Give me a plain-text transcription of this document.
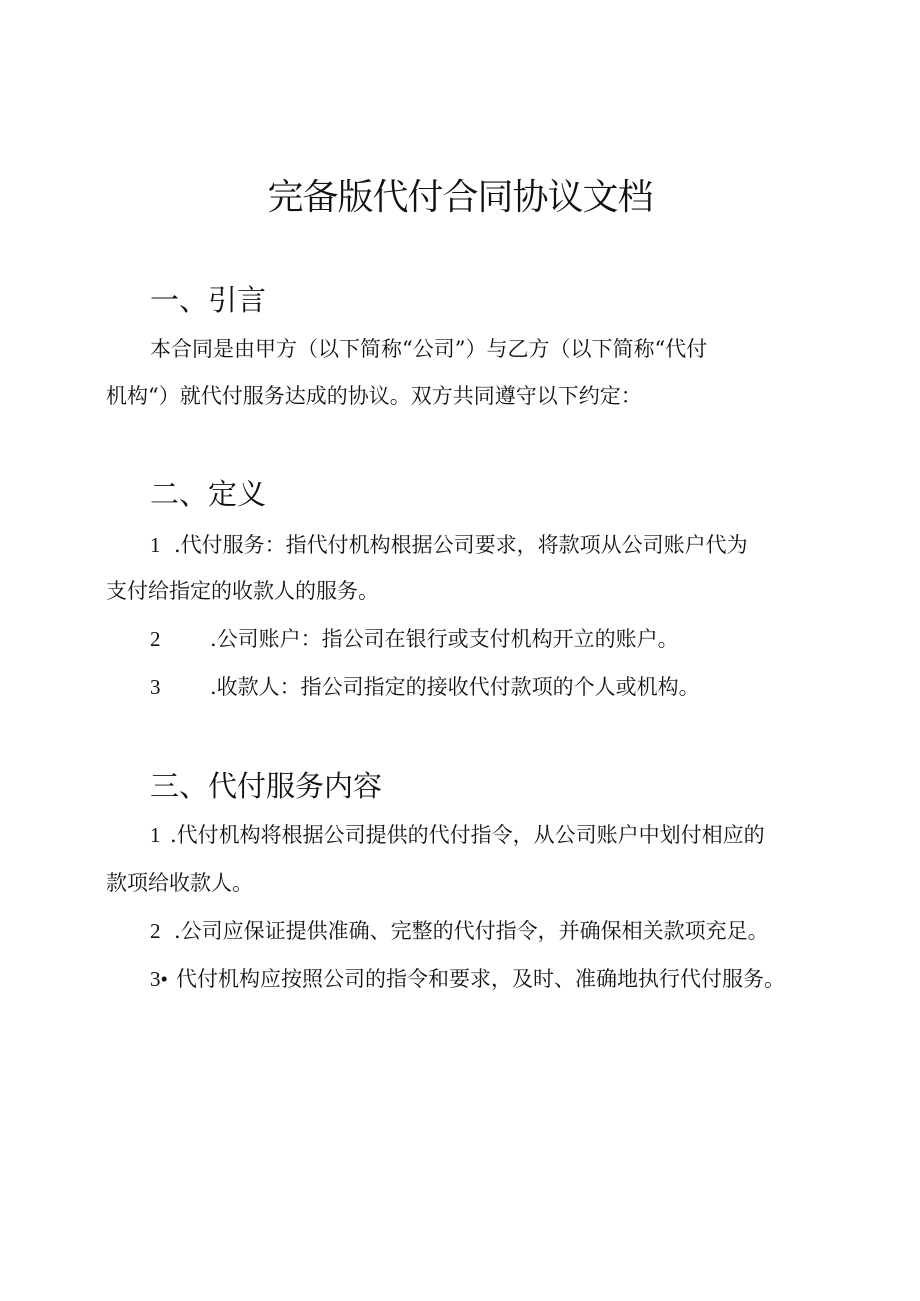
完备版代付合同协议文档
一、引言

本合同是由甲方（以下简称“公司”）与乙方（以下简称“代付

机构“）就代付服务达成的协议。双方共同遵守以下约定：

二、定义

1 .代付服务：指代付机构根据公司要求，将款项从公司账户代为

支付给指定的收款人的服务。

2 .公司账户：指公司在银行或支付机构开立的账户。

3 .收款人：指公司指定的接收代付款项的个人或机构。

三、代付服务内容

1 .代付机构将根据公司提供的代付指令，从公司账户中划付相应的

款项给收款人。

2 .公司应保证提供准确、完整的代付指令，并确保相关款项充足。

3• 代付机构应按照公司的指令和要求，及时、准确地执行代付服务。
